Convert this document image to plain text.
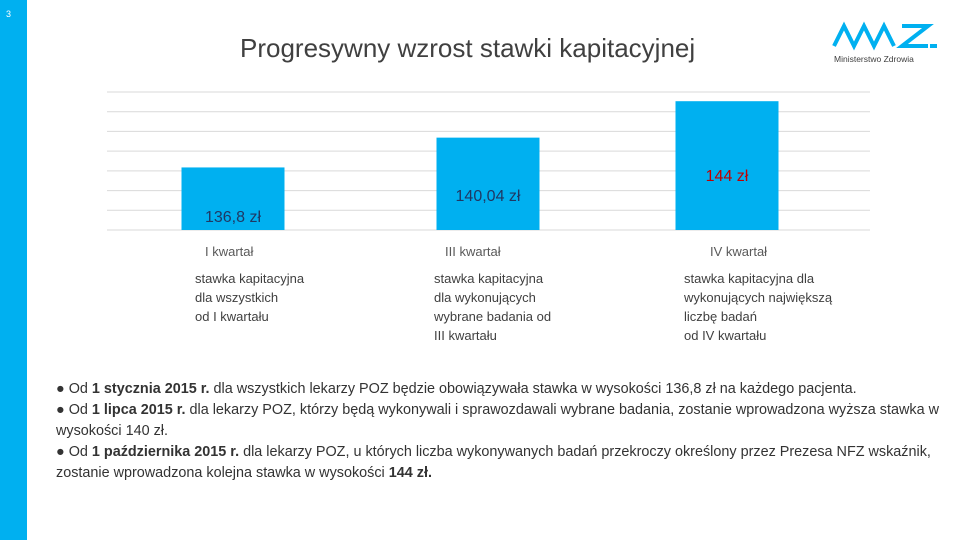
3
Progresywny wzrost stawki kapitacyjnej	Ministerstwo Zdrowia
136,8 zł
140,04 zł
144 zł
I kwartał	III kwartał	IV kwartał
stawka kapitacyjna
dla wszystkich
od I kwartału
stawka kapitacyjna
dla wykonujących
wybrane badania od
III kwartału
stawka kapitacyjna dla
wykonujących największą
liczbę badań
od IV kwartału

● Od 1 stycznia 2015 r. dla wszystkich lekarzy POZ będzie obowiązywała stawka w wysokości 136,8 zł na każdego pacjenta.

● Od 1 lipca 2015 r. dla lekarzy POZ, którzy będą wykonywali i sprawozdawali wybrane badania, zostanie wprowadzona wyższa stawka w wysokości 140 zł.

● Od 1 października 2015 r. dla lekarzy POZ, u których liczba wykonywanych badań przekroczy określony przez Prezesa NFZ wskaźnik, zostanie wprowadzona kolejna stawka w wysokości 144 zł.
